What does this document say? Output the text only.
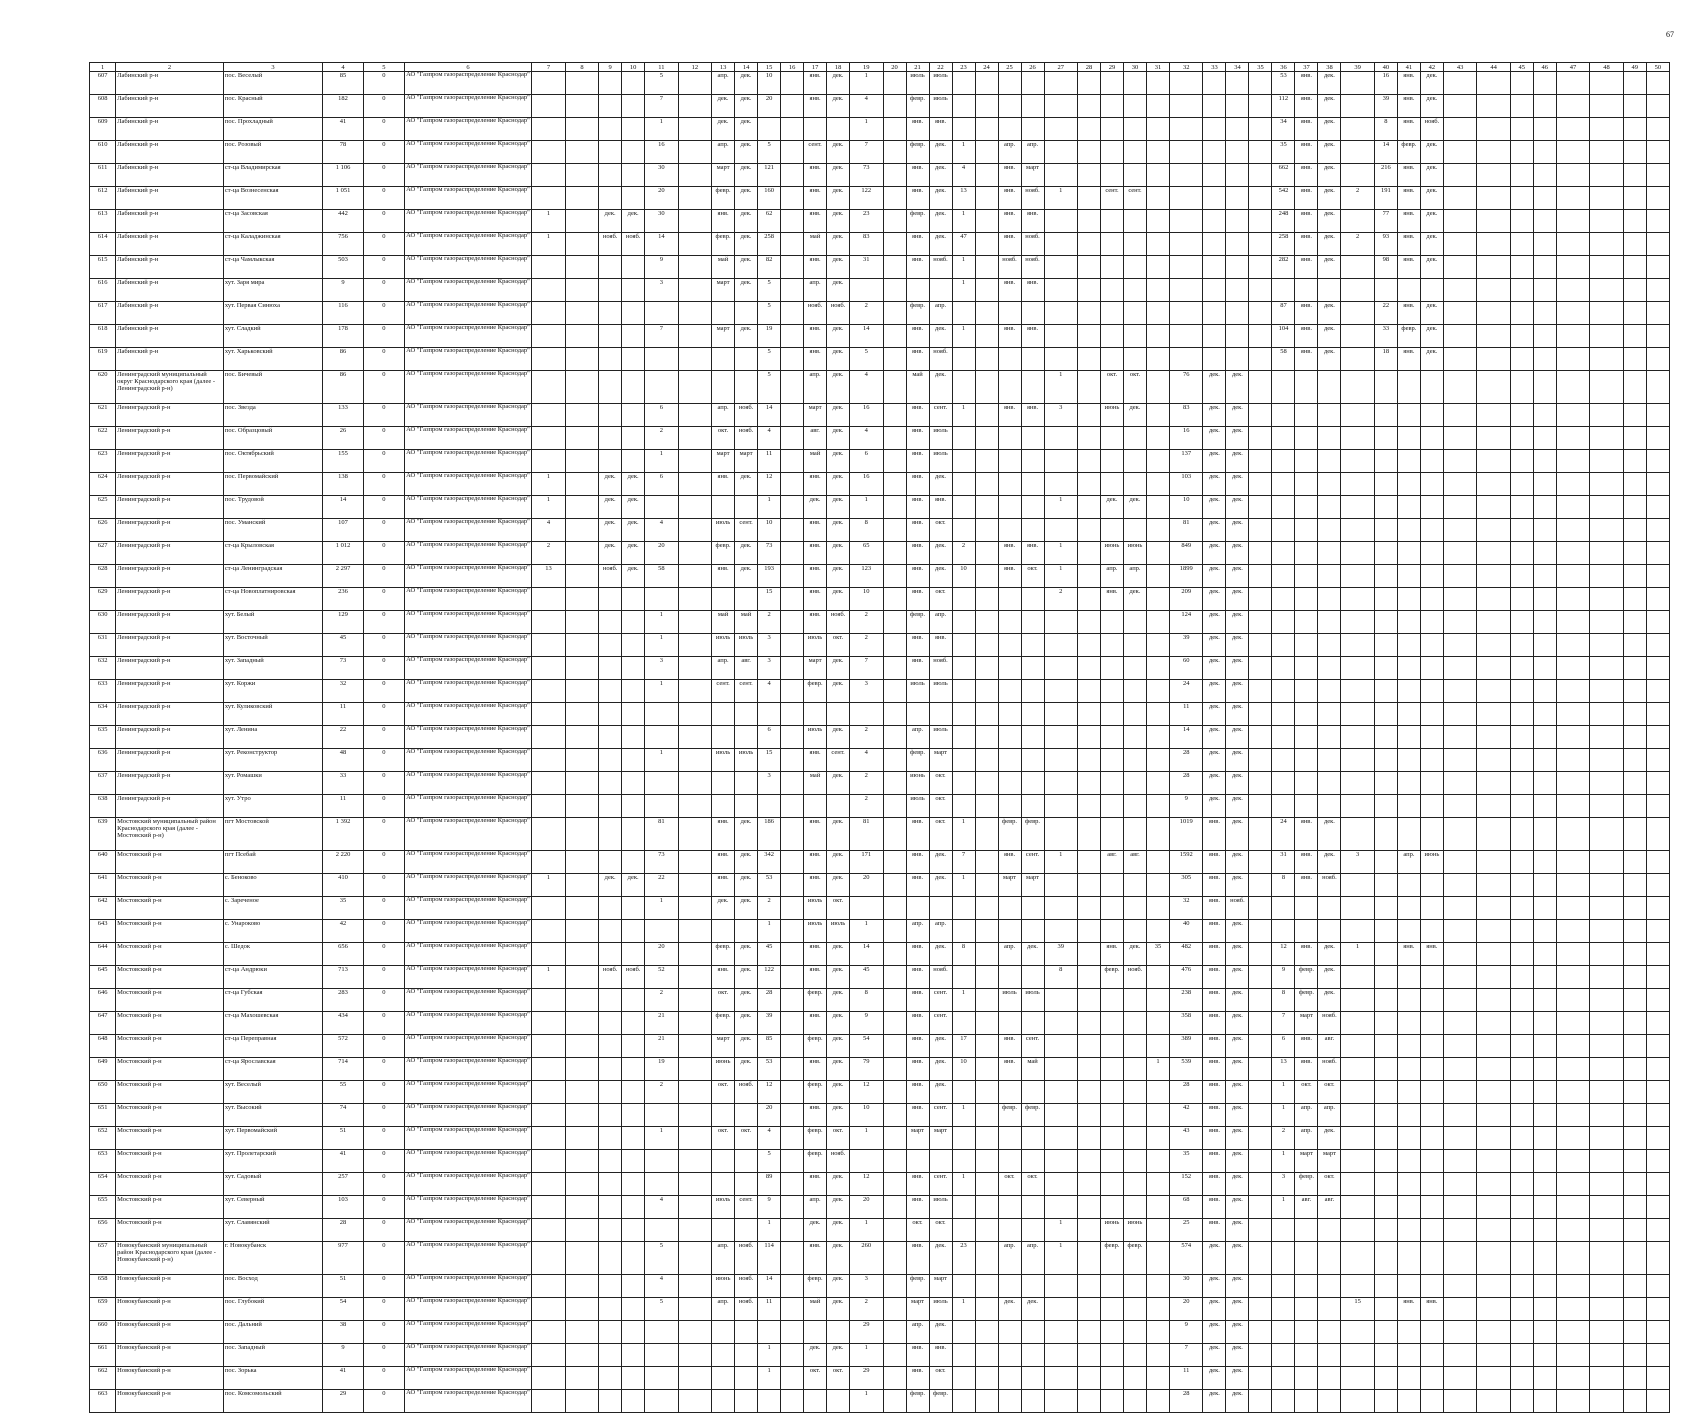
67
1	2	3	4	5	6	7	8	9	10	11	12	13	14	15	16	17	18	19	20	21	22	23	24	25	26	27	28	29	30	31	32	33	34	35	36	37	38	39	40	41	42	43	44	45	46	47	48	49	50
607	Лабинский р-н	пос. Веселый	85	0	АО "Газпром газораспределение Краснодар"					5		апр.	дек.	10		янв.	дек.	1		июль	июль														53	янв.	дек.		16	янв.	дек.								
608	Лабинский р-н	пос. Красный	182	0	АО "Газпром газораспределение Краснодар"					7		дек.	дек.	20		янв.	дек.	4		февр.	июль														112	янв.	дек.		39	янв.	дек.								
609	Лабинский р-н	пос. Прохладный	41	0	АО "Газпром газораспределение Краснодар"					1		дек.	дек.					1		янв.	янв.														34	янв.	дек.		8	янв.	нояб.								
610	Лабинский р-н	пос. Розовый	78	0	АО "Газпром газораспределение Краснодар"					16		апр.	дек.	5		сент.	дек.	7		февр.	дек.	1		апр.	апр.										35	янв.	дек.		14	февр.	дек.								
611	Лабинский р-н	ст-ца Владимирская	1 106	0	АО "Газпром газораспределение Краснодар"					30		март	дек.	121		янв.	дек.	73		янв.	дек.	4		янв.	март										662	янв.	дек.		216	янв.	дек.								
612	Лабинский р-н	ст-ца Вознесенская	1 051	0	АО "Газпром газораспределение Краснодар"					20		февр.	дек.	160		янв.	дек.	122		янв.	дек.	13		янв.	нояб.	1		сент.	сент.						542	янв.	дек.	2	191	янв.	дек.								
613	Лабинский р-н	ст-ца Засовская	442	0	АО "Газпром газораспределение Краснодар"	1		дек.	дек.	30		янв.	дек.	62		янв.	дек.	23		февр.	дек.	1		янв.	янв.										248	янв.	дек.		77	янв.	дек.								
614	Лабинский р-н	ст-ца Каладжинская	756	0	АО "Газпром газораспределение Краснодар"	1		нояб.	нояб.	14		февр.	дек.	258		май	дек.	83		янв.	дек.	47		янв.	нояб.										258	янв.	дек.	2	93	янв.	дек.								
615	Лабинский р-н	ст-ца Чамлыкская	503	0	АО "Газпром газораспределение Краснодар"					9		май	дек.	82		янв.	дек.	31		янв.	нояб.	1		нояб.	нояб.										282	янв.	дек.		98	янв.	дек.								
616	Лабинский р-н	хут. Заря мира	9	0	АО "Газпром газораспределение Краснодар"					3		март	дек.	5		апр.	дек.					1		янв.	янв.																								
617	Лабинский р-н	хут. Первая Синюха	116	0	АО "Газпром газораспределение Краснодар"									5		нояб.	нояб.	2		февр.	апр.														87	янв.	дек.		22	янв.	дек.								
618	Лабинский р-н	хут. Сладкий	178	0	АО "Газпром газораспределение Краснодар"					7		март	дек.	19		янв.	дек.	14		янв.	дек.	1		янв.	янв.										104	янв.	дек.		33	февр.	дек.								
619	Лабинский р-н	хут. Харьковский	86	0	АО "Газпром газораспределение Краснодар"									5		янв.	дек.	5		янв.	нояб.														58	янв.	дек.		18	янв.	дек.								
620	Ленинградский муниципальный округ Краснодарского края (далее - Ленинградский р-н)	пос. Бичевый	86	0	АО "Газпром газораспределение Краснодар"									5		апр.	дек.	4		май	дек.					1		окт.	окт.		76	дек.	дек.																
621	Ленинградский р-н	пос. Звезда	133	0	АО "Газпром газораспределение Краснодар"					6		апр.	нояб.	14		март	дек.	16		янв.	сент.	1		янв.	янв.	3		июнь	дек.		83	дек.	дек.																
622	Ленинградский р-н	пос. Образцовый	26	0	АО "Газпром газораспределение Краснодар"					2		окт.	нояб.	4		авг.	дек.	4		янв.	июль										16	дек.	дек.																
623	Ленинградский р-н	пос. Октябрьский	155	0	АО "Газпром газораспределение Краснодар"					1		март	март	11		май	дек.	6		янв.	июль										137	дек.	дек.																
624	Ленинградский р-н	пос. Первомайский	138	0	АО "Газпром газораспределение Краснодар"	1		дек.	дек.	6		янв.	дек.	12		янв.	дек.	16		янв.	дек.										103	дек.	дек.																
625	Ленинградский р-н	пос. Трудовой	14	0	АО "Газпром газораспределение Краснодар"	1		дек.	дек.					1		дек.	дек.	1		янв.	янв.					1		дек.	дек.		10	дек.	дек.																
626	Ленинградский р-н	пос. Уманский	107	0	АО "Газпром газораспределение Краснодар"	4		дек.	дек.	4		июль	сент.	10		янв.	дек.	8		янв.	окт.										81	дек.	дек.																
627	Ленинградский р-н	ст-ца Крыловская	1 012	0	АО "Газпром газораспределение Краснодар"	2		дек.	дек.	20		февр.	дек.	73		янв.	дек.	65		янв.	дек.	2		янв.	янв.	1		июнь	июнь		849	дек.	дек.																
628	Ленинградский р-н	ст-ца Ленинградская	2 297	0	АО "Газпром газораспределение Краснодар"	13		нояб.	дек.	58		янв.	дек.	193		янв.	дек.	123		янв.	дек.	10		янв.	окт.	1		апр.	апр.		1899	дек.	дек.																
629	Ленинградский р-н	ст-ца Новоплатнировская	236	0	АО "Газпром газораспределение Краснодар"									15		янв.	дек.	10		янв.	окт.					2		янв.	дек.		209	дек.	дек.																
630	Ленинградский р-н	хут. Белый	129	0	АО "Газпром газораспределение Краснодар"					1		май	май	2		янв.	нояб.	2		февр.	апр.										124	дек.	дек.																
631	Ленинградский р-н	хут. Восточный	45	0	АО "Газпром газораспределение Краснодар"					1		июль	июль	3		июль	окт.	2		янв.	янв.										39	дек.	дек.																
632	Ленинградский р-н	хут. Западный	73	0	АО "Газпром газораспределение Краснодар"					3		апр.	авг.	3		март	дек.	7		янв.	нояб.										60	дек.	дек.																
633	Ленинградский р-н	хут. Коржи	32	0	АО "Газпром газораспределение Краснодар"					1		сент.	сент.	4		февр.	дек.	3		июль	июль										24	дек.	дек.																
634	Ленинградский р-н	хут. Куликовский	11	0	АО "Газпром газораспределение Краснодар"																										11	дек.	дек.																
635	Ленинградский р-н	хут. Ленина	22	0	АО "Газпром газораспределение Краснодар"									6		июль	дек.	2		апр.	июль										14	дек.	дек.																
636	Ленинградский р-н	хут. Реконструктор	48	0	АО "Газпром газораспределение Краснодар"					1		июль	июль	15		янв.	сент.	4		февр.	март										28	дек.	дек.																
637	Ленинградский р-н	хут. Ромашки	33	0	АО "Газпром газораспределение Краснодар"									3		май	дек.	2		июнь	окт.										28	дек.	дек.																
638	Ленинградский р-н	хут. Утро	11	0	АО "Газпром газораспределение Краснодар"													2		июль	окт.										9	дек.	дек.																
639	Мостовский муниципальный район Краснодарского края (далее - Мостовский р-н)	пгт Мостовской	1 392	0	АО "Газпром газораспределение Краснодар"					81		янв.	дек.	186		янв.	дек.	81		янв.	окт.	1		февр.	февр.						1019	янв.	дек.		24	янв.	дек.												
640	Мостовский р-н	пгт Псебай	2 220	0	АО "Газпром газораспределение Краснодар"					73		янв.	дек.	342		янв.	дек.	171		янв.	дек.	7		янв.	сент.	1		авг.	авг.		1592	янв.	дек.		31	янв.	дек.	3		апр.	июнь								
641	Мостовский р-н	с. Беноково	410	0	АО "Газпром газораспределение Краснодар"	1		дек.	дек.	22		янв.	дек.	53		янв.	дек.	20		янв.	дек.	1		март	март						305	янв.	дек.		8	янв.	нояб.												
642	Мостовский р-н	с. Зареченое	35	0	АО "Газпром газораспределение Краснодар"					1		дек.	дек.	2		июль	окт.														32	янв.	нояб.																
643	Мостовский р-н	с. Унароково	42	0	АО "Газпром газораспределение Краснодар"									1		июль	июль	1		апр.	апр.										40	янв.	дек.																
644	Мостовский р-н	с. Шедок	656	0	АО "Газпром газораспределение Краснодар"					20		февр.	дек.	45		янв.	дек.	14		янв.	дек.	8		апр.	дек.	39		янв.	дек.	35	482	янв.	дек.		12	янв.	дек.	1		янв.	янв.								
645	Мостовский р-н	ст-ца Андрюки	713	0	АО "Газпром газораспределение Краснодар"	1		нояб.	нояб.	52		янв.	дек.	122		янв.	дек.	45		янв.	нояб.					8		февр.	нояб.		476	янв.	дек.		9	февр.	дек.												
646	Мостовский р-н	ст-ца Губская	283	0	АО "Газпром газораспределение Краснодар"					2		окт.	дек.	28		февр.	дек.	8		янв.	сент.	1		июль	июль						238	янв.	дек.		8	февр.	дек.												
647	Мостовский р-н	ст-ца Махошевская	434	0	АО "Газпром газораспределение Краснодар"					21		февр.	дек.	39		янв.	дек.	9		янв.	сент.										358	янв.	дек.		7	март	нояб.												
648	Мостовский р-н	ст-ца Переправная	572	0	АО "Газпром газораспределение Краснодар"					21		март	дек.	85		февр.	дек.	54		янв.	дек.	17		янв.	сент.						389	янв.	дек.		6	янв.	авг.												
649	Мостовский р-н	ст-ца Ярославская	714	0	АО "Газпром газораспределение Краснодар"					19		июнь	дек.	53		янв.	дек.	79		янв.	дек.	10		янв.	май					1	539	янв.	дек.		13	янв.	нояб.												
650	Мостовский р-н	хут. Веселый	55	0	АО "Газпром газораспределение Краснодар"					2		окт.	нояб.	12		февр.	дек.	12		янв.	дек.										28	янв.	дек.		1	окт.	окт.												
651	Мостовский р-н	хут. Высокий	74	0	АО "Газпром газораспределение Краснодар"									20		янв.	дек.	10		янв.	сент.	1		февр.	февр.						42	янв.	дек.		1	апр.	апр.												
652	Мостовский р-н	хут. Первомайский	51	0	АО "Газпром газораспределение Краснодар"					1		окт.	окт.	4		февр.	окт.	1		март	март										43	янв.	дек.		2	апр.	дек.												
653	Мостовский р-н	хут. Пролетарский	41	0	АО "Газпром газораспределение Краснодар"									5		февр.	нояб.														35	янв.	дек.		1	март	март												
654	Мостовский р-н	хут. Садовый	257	0	АО "Газпром газораспределение Краснодар"									89		янв.	дек.	12		янв.	сент.	1		окт.	окт.						152	янв.	дек.		3	февр.	окт.												
655	Мостовский р-н	хут. Северный	103	0	АО "Газпром газораспределение Краснодар"					4		июль	сент.	9		апр.	дек.	20		янв.	июль										68	янв.	дек.		1	авг.	авг.												
656	Мостовский р-н	хут. Славянский	28	0	АО "Газпром газораспределение Краснодар"									1		дек.	дек.	1		окт.	окт.					1		июнь	июнь		25	янв.	дек.																
657	Новокубанский муниципальный район Краснодарского края (далее - Новокубанский р-н)	г. Новокубанск	977	0	АО "Газпром газораспределение Краснодар"					5		апр.	нояб.	114		янв.	дек.	260		янв.	дек.	23		апр.	апр.	1		февр.	февр.		574	дек.	дек.																
658	Новокубанский р-н	пос. Восход	51	0	АО "Газпром газораспределение Краснодар"					4		июнь	нояб.	14		февр.	дек.	3		февр.	март										30	дек.	дек.																
659	Новокубанский р-н	пос. Глубокий	54	0	АО "Газпром газораспределение Краснодар"					5		апр.	нояб.	11		май	дек.	2		март	июль	1		дек.	дек.						20	дек.	дек.					15		янв.	янв.								
660	Новокубанский р-н	пос. Дальний	38	0	АО "Газпром газораспределение Краснодар"													29		апр.	дек.										9	дек.	дек.																
661	Новокубанский р-н	пос. Западный	9	0	АО "Газпром газораспределение Краснодар"									1		дек.	дек.	1		янв.	янв.										7	дек.	дек.																
662	Новокубанский р-н	пос. Зорька	41	0	АО "Газпром газораспределение Краснодар"									1		окт.	окт.	29		янв.	окт.										11	дек.	дек.																
663	Новокубанский р-н	пос. Комсомольский	29	0	АО "Газпром газораспределение Краснодар"													1		февр.	февр.										28	дек.	дек.																
